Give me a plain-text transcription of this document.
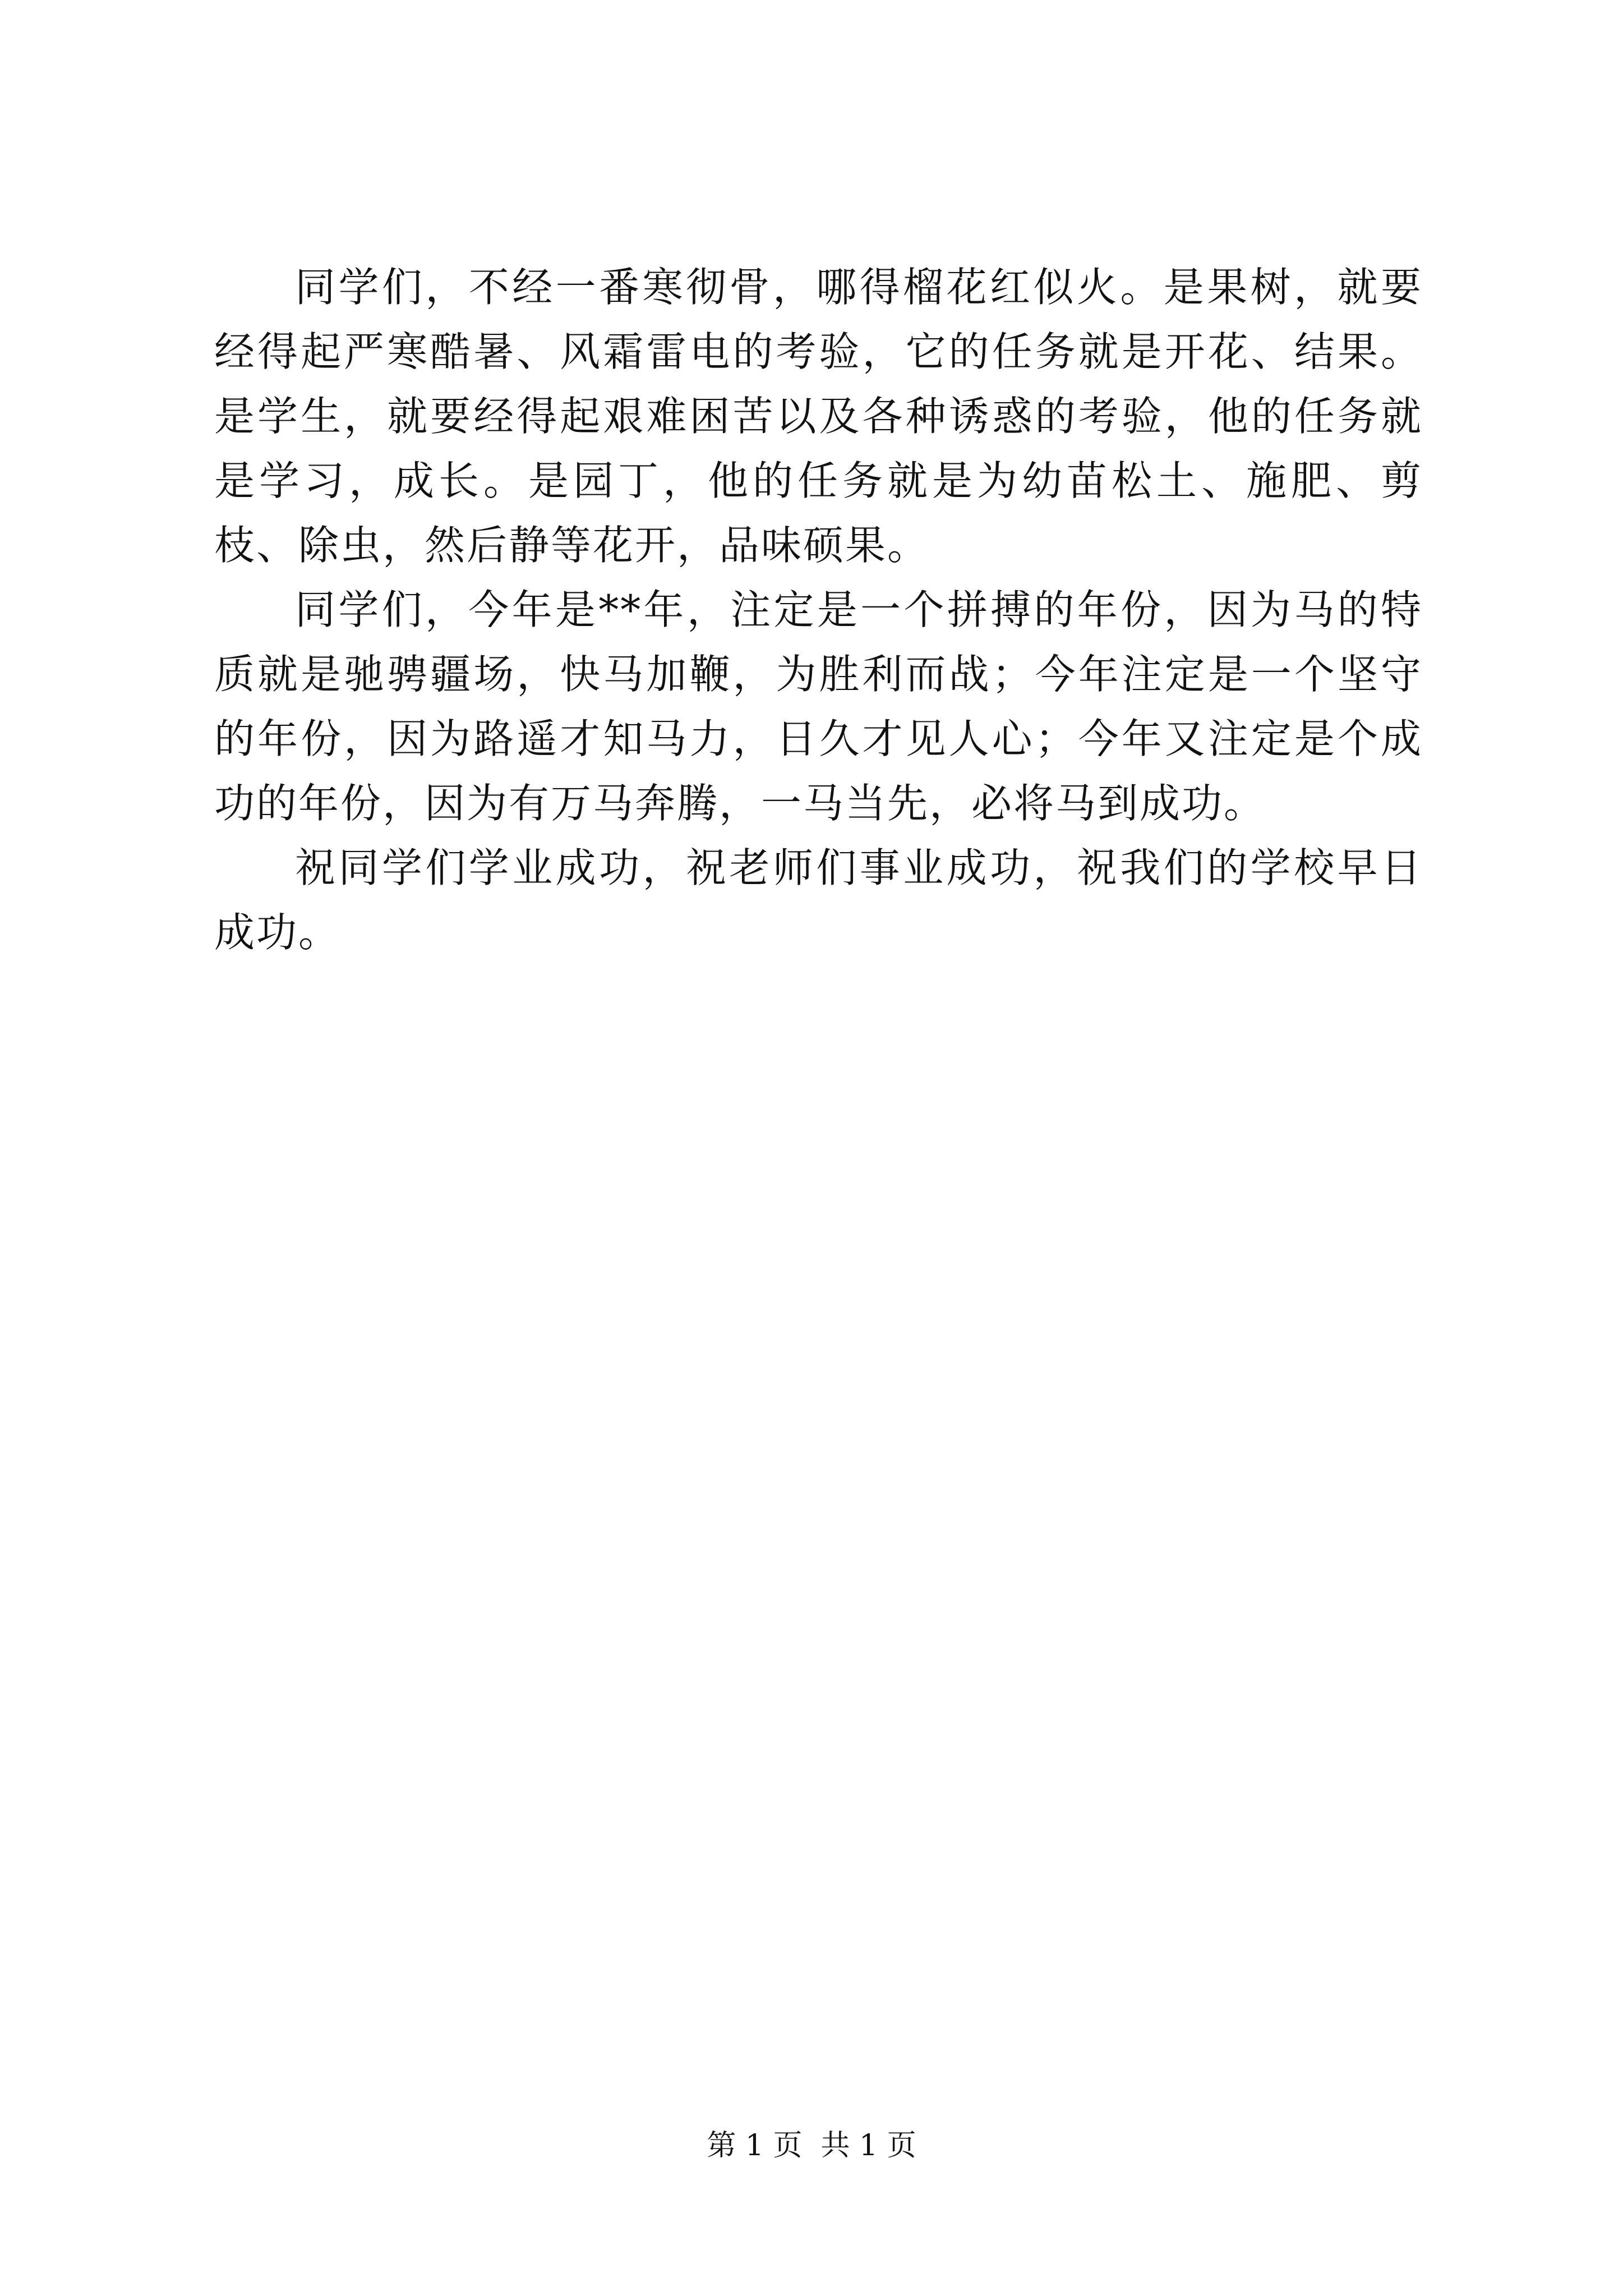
同学们，不经一番寒彻骨，哪得榴花红似火。是果树，就要经得起严寒酷暑、风霜雷电的考验，它的任务就是开花、结果。是学生，就要经得起艰难困苦以及各种诱惑的考验，他的任务就是学习，成长。是园丁，他的任务就是为幼苗松土、施肥、剪枝、除虫，然后静等花开，品味硕果。

同学们，今年是**年，注定是一个拼搏的年份，因为马的特质就是驰骋疆场，快马加鞭，为胜利而战；今年注定是一个坚守的年份，因为路遥才知马力，日久才见人心；今年又注定是个成功的年份，因为有万马奔腾，一马当先，必将马到成功。

祝同学们学业成功，祝老师们事业成功，祝我们的学校早日成功。

第 1 页  共 1 页
